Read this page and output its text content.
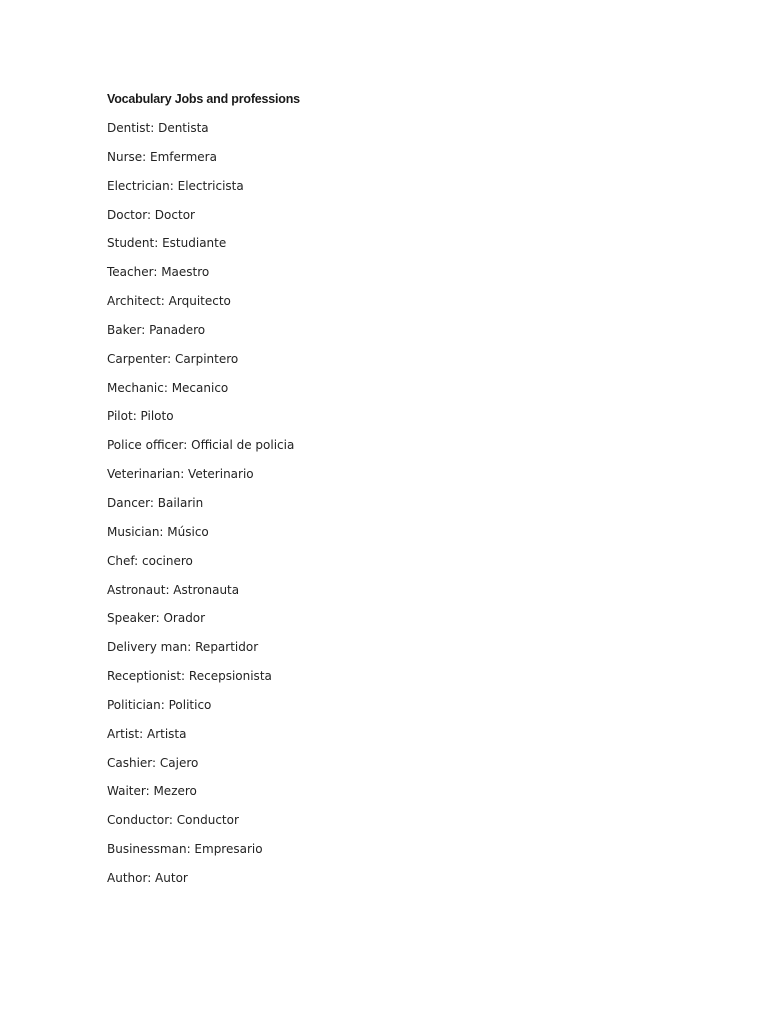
Vocabulary Jobs and professions
Dentist: Dentista
Nurse: Emfermera
Electrician: Electricista
Doctor: Doctor
Student: Estudiante
Teacher: Maestro
Architect: Arquitecto
Baker: Panadero
Carpenter: Carpintero
Mechanic: Mecanico
Pilot: Piloto
Police officer: Official de policia
Veterinarian: Veterinario
Dancer: Bailarin
Musician: Músico
Chef: cocinero
Astronaut: Astronauta
Speaker: Orador
Delivery man: Repartidor
Receptionist: Recepsionista
Politician: Politico
Artist: Artista
Cashier: Cajero
Waiter: Mezero
Conductor: Conductor
Businessman: Empresario
Author: Autor
